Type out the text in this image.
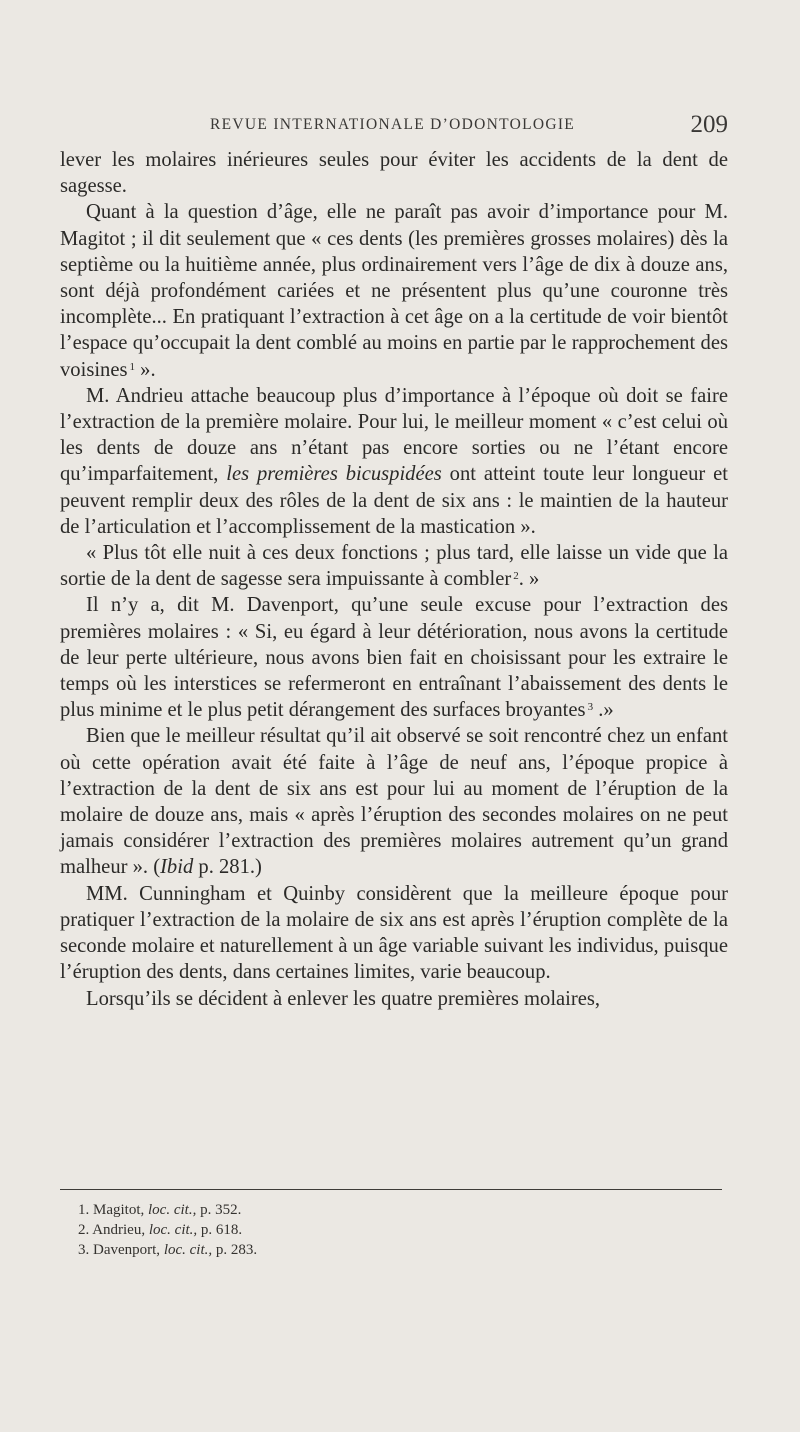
REVUE INTERNATIONALE D’ODONTOLOGIE	209

lever les molaires inérieures seules pour éviter les accidents de la dent de sagesse.

Quant à la question d’âge, elle ne paraît pas avoir d’importance pour M. Magitot ; il dit seulement que « ces dents (les premières grosses molaires) dès la septième ou la huitième année, plus ordinairement vers l’âge de dix à douze ans, sont déjà profondément cariées et ne présentent plus qu’une couronne très incomplète... En pratiquant l’extraction à cet âge on a la certitude de voir bientôt l’espace qu’occupait la dent comblé au moins en partie par le rapprochement des voisines $^1$ ».

M. Andrieu attache beaucoup plus d’importance à l’époque où doit se faire l’extraction de la première molaire. Pour lui, le meilleur moment « c’est celui où les dents de douze ans n’étant pas encore sorties ou ne l’étant encore qu’imparfaitement, les premières bicuspidées ont atteint toute leur longueur et peuvent remplir deux des rôles de la dent de six ans : le maintien de la hauteur de l’articulation et l’accomplissement de la mastication ».

« Plus tôt elle nuit à ces deux fonctions ; plus tard, elle laisse un vide que la sortie de la dent de sagesse sera impuissante à combler $^2$. »

Il n’y a, dit M. Davenport, qu’une seule excuse pour l’extraction des premières molaires : « Si, eu égard à leur détérioration, nous avons la certitude de leur perte ultérieure, nous avons bien fait en choisissant pour les extraire le temps où les interstices se refermeront en entraînant l’abaissement des dents le plus minime et le plus petit dérangement des surfaces broyantes $^3$ .»

Bien que le meilleur résultat qu’il ait observé se soit rencontré chez un enfant où cette opération avait été faite à l’âge de neuf ans, l’époque propice à l’extraction de la dent de six ans est pour lui au moment de l’éruption de la molaire de douze ans, mais « après l’éruption des secondes molaires on ne peut jamais considérer l’extraction des premières molaires autrement qu’un grand malheur ». (Ibid p. 281.)

MM. Cunningham et Quinby considèrent que la meilleure époque pour pratiquer l’extraction de la molaire de six ans est après l’éruption complète de la seconde molaire et naturellement à un âge variable suivant les individus, puisque l’éruption des dents, dans certaines limites, varie beaucoup.

Lorsqu’ils se décident à enlever les quatre premières molaires,

1. Magitot, loc. cit., p. 352.
2. Andrieu, loc. cit., p. 618.
3. Davenport, loc. cit., p. 283.
